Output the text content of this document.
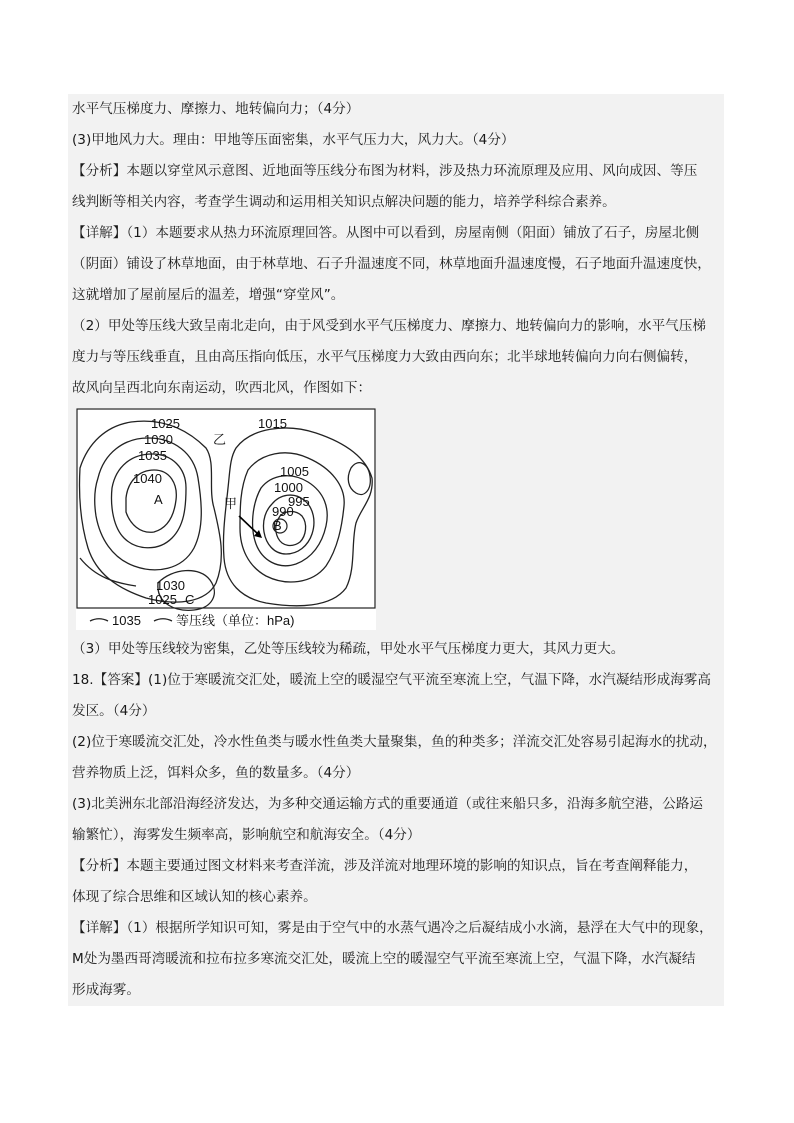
水平气压梯度力、摩擦力、地转偏向力；（4分）
(3)甲地风力大。理由：甲地等压面密集，水平气压力大，风力大。（4分）
【分析】本题以穿堂风示意图、近地面等压线分布图为材料，涉及热力环流原理及应用、风向成因、等压
线判断等相关内容，考查学生调动和运用相关知识点解决问题的能力，培养学科综合素养。
【详解】（1）本题要求从热力环流原理回答。从图中可以看到，房屋南侧（阳面）铺放了石子，房屋北侧
（阴面）铺设了林草地面，由于林草地、石子升温速度不同，林草地面升温速度慢，石子地面升温速度快，
这就增加了屋前屋后的温差，增强“穿堂风”。
（2）甲处等压线大致呈南北走向，由于风受到水平气压梯度力、摩擦力、地转偏向力的影响，水平气压梯
度力与等压线垂直，且由高压指向低压，水平气压梯度力大致由西向东；北半球地转偏向力向右侧偏转，
故风向呈西北向东南运动，吹西北风，作图如下：
1025
1030
1035
1040
1015
1005
1000
995
990
1030
1025
A
B
C
甲
乙
1035	等压线（单位：hPa)
（3）甲处等压线较为密集，乙处等压线较为稀疏，甲处水平气压梯度力更大，其风力更大。
18.【答案】(1)位于寒暖流交汇处，暖流上空的暖湿空气平流至寒流上空，气温下降，水汽凝结形成海雾高
发区。（4分）
(2)位于寒暖流交汇处，冷水性鱼类与暖水性鱼类大量聚集，鱼的种类多；洋流交汇处容易引起海水的扰动，
营养物质上泛，饵料众多，鱼的数量多。（4分）
(3)北美洲东北部沿海经济发达，为多种交通运输方式的重要通道（或往来船只多，沿海多航空港，公路运
输繁忙），海雾发生频率高，影响航空和航海安全。（4分）
【分析】本题主要通过图文材料来考查洋流，涉及洋流对地理环境的影响的知识点，旨在考查阐释能力，
体现了综合思维和区域认知的核心素养。
【详解】（1）根据所学知识可知，雾是由于空气中的水蒸气遇冷之后凝结成小水滴，悬浮在大气中的现象，
M处为墨西哥湾暖流和拉布拉多寒流交汇处，暖流上空的暖湿空气平流至寒流上空，气温下降，水汽凝结
形成海雾。
